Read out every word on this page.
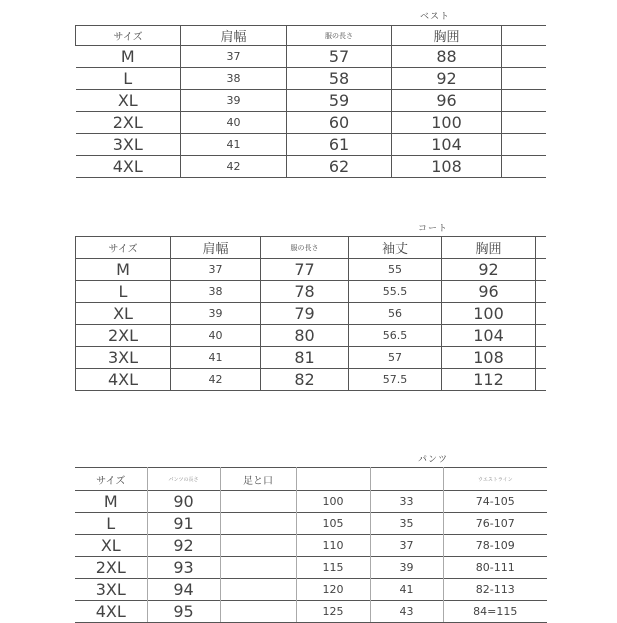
ベスト
サイズ	肩幅	服の長さ	胸囲	
M	37	57	88	
L	38	58	92	
XL	39	59	96	
2XL	40	60	100	
3XL	41	61	104	
4XL	42	62	108	
コート
サイズ	肩幅	服の長さ	袖丈	胸囲	
M	37	77	55	92	
L	38	78	55.5	96	
XL	39	79	56	100	
2XL	40	80	56.5	104	
3XL	41	81	57	108	
4XL	42	82	57.5	112	
パンツ
サイズ	パンツの長さ	足と口			ウエストライン
M	90		100	33	74-105
L	91		105	35	76-107
XL	92		110	37	78-109
2XL	93		115	39	80-111
3XL	94		120	41	82-113
4XL	95		125	43	84=115
